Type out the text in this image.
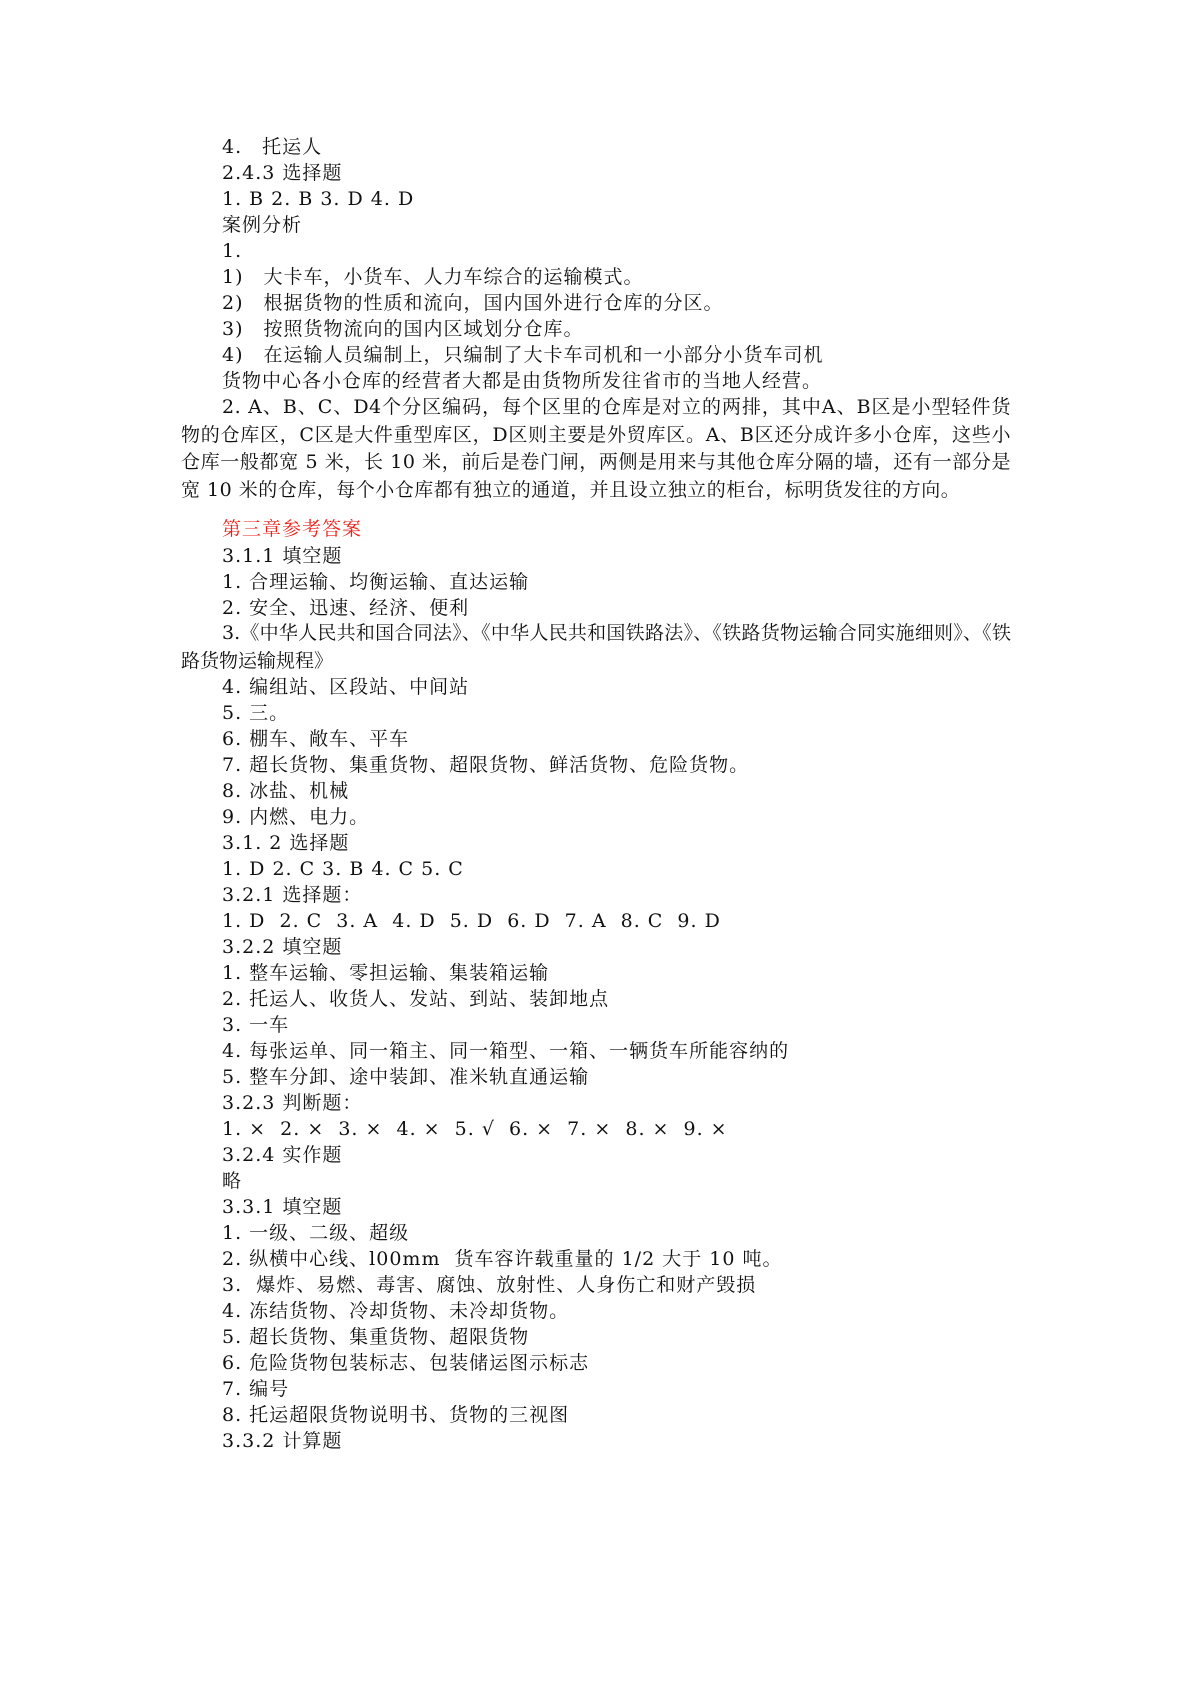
4.　托运人
2.4.3 选择题
1. B 2. B 3. D 4. D
案例分析
1.
1)　大卡车，小货车、人力车综合的运输模式。
2)　根据货物的性质和流向，国内国外进行仓库的分区。
3)　按照货物流向的国内区域划分仓库。
4)　在运输人员编制上，只编制了大卡车司机和一小部分小货车司机
货物中心各小仓库的经营者大都是由货物所发往省市的当地人经营。
2. A、B、C、D4个分区编码，每个区里的仓库是对立的两排，其中A、B区是小型轻件货物的仓库区，C区是大件重型库区，D区则主要是外贸库区。A、B区还分成许多小仓库，这些小仓库一般都宽 5 米，长 10 米，前后是卷门闸，两侧是用来与其他仓库分隔的墙，还有一部分是宽 10 米的仓库，每个小仓库都有独立的通道，并且设立独立的柜台，标明货发往的方向。
第三章参考答案
3.1.1 填空题
1. 合理运输、均衡运输、直达运输
2. 安全、迅速、经济、便利
3.《中华人民共和国合同法》、《中华人民共和国铁路法》、《铁路货物运输合同实施细则》、《铁路货物运输规程》
4. 编组站、区段站、中间站
5. 三。
6. 棚车、敞车、平车
7. 超长货物、集重货物、超限货物、鲜活货物、危险货物。
8. 冰盐、机械
9. 内燃、电力。
3.1. 2 选择题
1. D 2. C 3. B 4. C 5. C
3.2.1 选择题：
1. D  2. C  3. A  4. D  5. D  6. D  7. A  8. C  9. D
3.2.2 填空题
1. 整车运输、零担运输、集装箱运输
2. 托运人、收货人、发站、到站、装卸地点
3. 一车
4. 每张运单、同一箱主、同一箱型、一箱、一辆货车所能容纳的
5. 整车分卸、途中装卸、准米轨直通运输
3.2.3 判断题：
1. ×  2. ×  3. ×  4. ×  5. √  6. ×  7. ×  8. ×  9. ×
3.2.4 实作题
略
3.3.1 填空题
1. 一级、二级、超级
2. 纵横中心线、l00mm  货车容许载重量的 1/2 大于 10 吨。
3.  爆炸、易燃、毒害、腐蚀、放射性、人身伤亡和财产毁损
4. 冻结货物、冷却货物、未冷却货物。
5. 超长货物、集重货物、超限货物
6. 危险货物包装标志、包装储运图示标志
7. 编号
8. 托运超限货物说明书、货物的三视图
3.3.2 计算题
